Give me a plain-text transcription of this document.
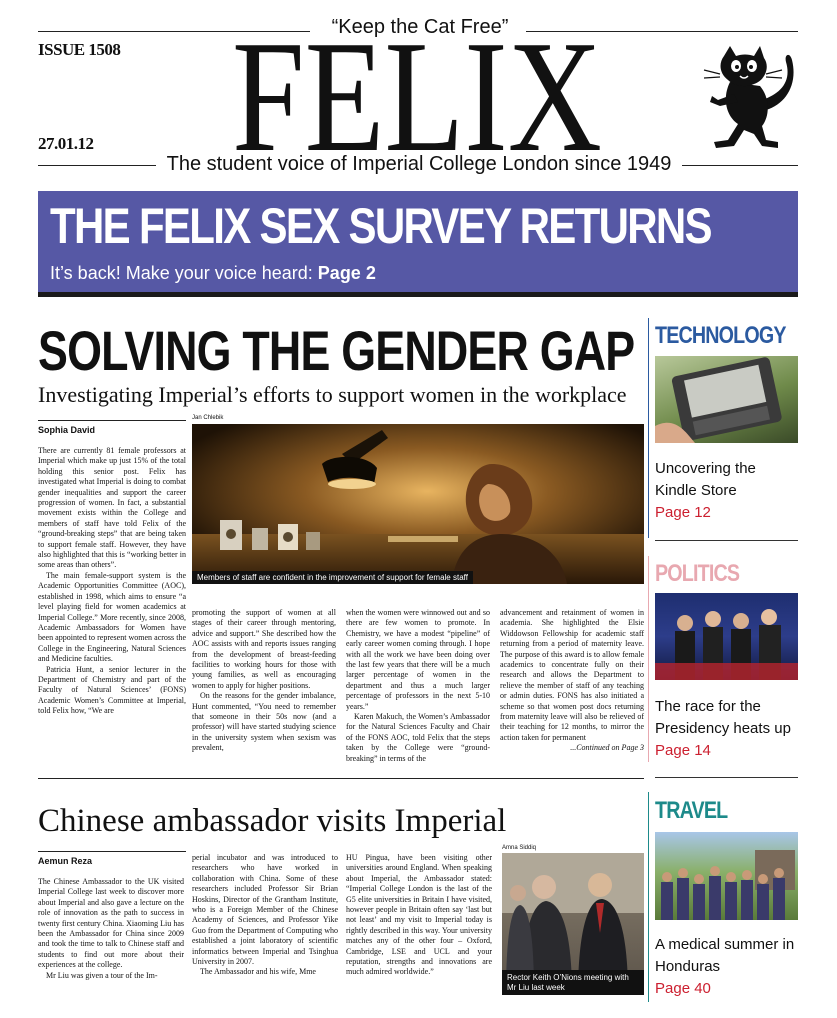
“Keep the Cat Free”
ISSUE 1508
27.01.12 FELIX
The student voice of Imperial College London since 1949
THE FELIX SEX SURVEY RETURNS
It’s back! Make your voice heard: Page 2
SOLVING THE GENDER GAP
Investigating Imperial’s efforts to support women in the workplace
Sophia David

There are currently 81 female professors at Imperial which make up just 15% of the total holding this senior post. Felix has investigated what Imperial is doing to combat gender inequalities and support the career progression of women. In fact, a substantial movement exists within the College and members of staff have told Felix of the “ground-breaking steps” that are being taken to support female staff. However, they have also highlighted that this is “working better in some areas than others”.

The main female-support system is the Academic Opportunities Committee (AOC), established in 1998, which aims to ensure “a level playing field for women academics at Imperial College.” More recently, since 2008, Academic Ambassadors for Women have been appointed to represent women across the College in the Engineering, Natural Sciences and Medicine faculties.

Patricia Hunt, a senior lecturer in the Department of Chemistry and part of the Faculty of Natural Sciences’ (FONS) Academic Women’s Committee at Imperial, told Felix how, “We are

Jan Chlebik
Members of staff are confident in the improvement of support for female staff

promoting the support of women at all stages of their career through mentoring, advice and support.” She described how the AOC assists with and reports issues ranging from the development of breast-feeding facilities to working hours for those with young families, as well as encouraging women to apply for higher positions.

On the reasons for the gender imbalance, Hunt commented, “You need to remember that someone in their 50s now (and a professor) will have started studying science in the university system when sexism was prevalent,

when the women were winnowed out and so there are few women to promote. In Chemistry, we have a modest “pipeline” of early career women coming through. I hope with all the work we have been doing over the last few years that there will be a much larger percentage of women in the department and thus a much larger percentage of professors in the next 5-10 years.”

Karen Makuch, the Women’s Ambassador for the Natural Sciences Faculty and Chair of the FONS AOC, told Felix that the steps taken by the College were “ground-breaking” in terms of the

advancement and retainment of women in academia. She highlighted the Elsie Widdowson Fellowship for academic staff returning from a period of maternity leave. The purpose of this award is to allow female academics to concentrate fully on their research and allows the Department to relieve the member of staff of any teaching or admin duties. FONS has also initiated a scheme so that women post docs returning from maternity leave will also be relieved of their teaching for 12 months, to mirror the action taken for permanent

...Continued on Page 3

TECHNOLOGY
Uncovering the Kindle Store
Page 12
POLITICS
The race for the Presidency heats up
Page 14
TRAVEL
A medical summer in Honduras
Page 40
Chinese ambassador visits Imperial
Aemun Reza

The Chinese Ambassador to the UK visited Imperial College last week to discover more about Imperial and also gave a lecture on the role of innovation as the path to success in twenty first century China. Xiaoming Liu has been the Ambassador for China since 2009 and took the time to talk to Chinese staff and students to find out more about their experiences at the college.

Mr Liu was given a tour of the Im-

perial incubator and was introduced to researchers who have worked in collaboration with China. Some of these researchers included Professor Sir Brian Hoskins, Director of the Grantham Institute, who is a Foreign Member of the Chinese Academy of Sciences, and Professor Yike Guo from the Department of Computing who established a joint laboratory of scientific informatics between Imperial and Tsinghua University in 2007.

The Ambassador and his wife, Mme

HU Pingua, have been visiting other universities around England. When speaking about Imperial, the Ambassador stated: “Imperial College London is the last of the G5 elite universities in Britain I have visited, however people in Britain often say ‘last but not least’ and my visit to Imperial today is rightly described in this way. Your university matches any of the other four – Oxford, Cambridge, LSE and UCL and your reputation, strengths and innovations are much admired worldwide.”

Amna Siddiq
Rector Keith O’Nions meeting with Mr Liu last week
